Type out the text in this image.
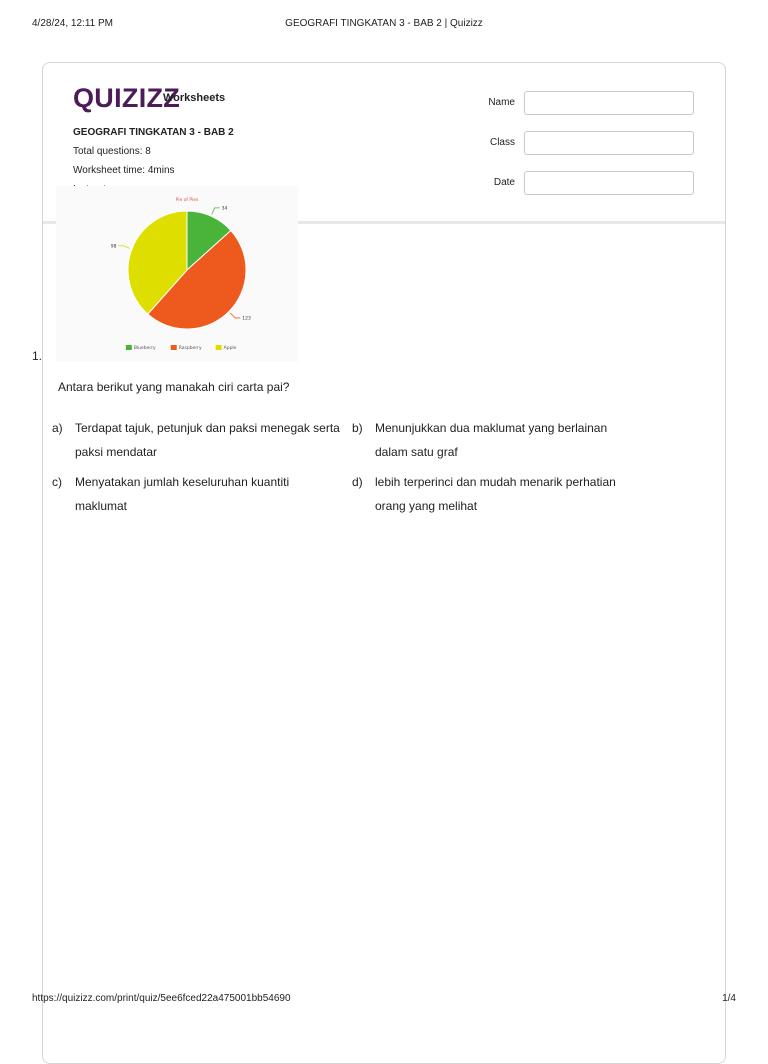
4/28/24, 12:11 PM	GEOGRAFI TINGKATAN 3 - BAB 2 | Quizizz
QUIZIZZ
Worksheets
GEOGRAFI TINGKATAN 3 - BAB 2
Total questions: 8
Worksheet time: 4mins
Name
Class
Date
Pie of Pies
34
123
98
Blueberry	Raspberry	Apple
1.
Antara berikut yang manakah ciri carta pai?
a) Terdapat tajuk, petunjuk dan paksi menegak serta paksi mendatar
b) Menunjukkan dua maklumat yang berlainan dalam satu graf
c) Menyatakan jumlah keseluruhan kuantiti maklumat
d) lebih terperinci dan mudah menarik perhatian orang yang melihat
https://quizizz.com/print/quiz/5ee6fced22a475001bb54690	1/4
